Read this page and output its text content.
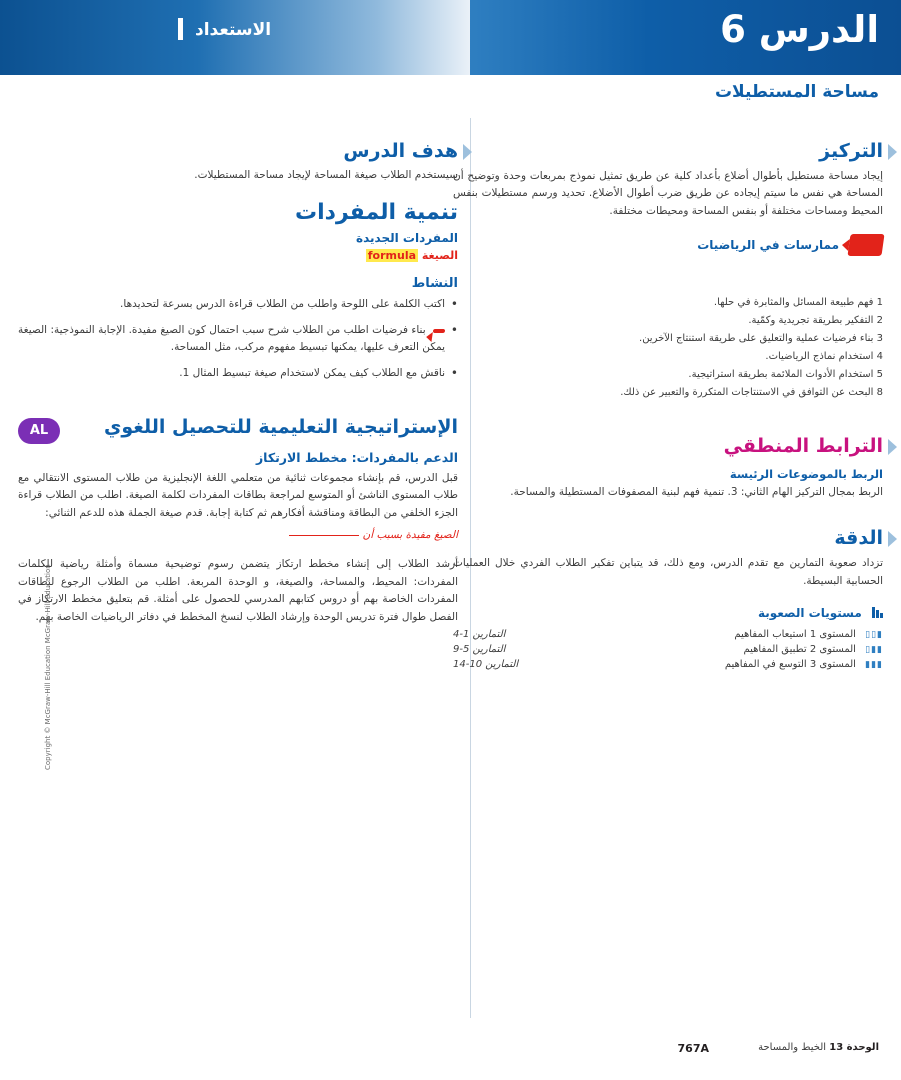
الاستعداد	الدرس 6
مساحة المستطيلات
التركيز

إيجاد مساحة مستطيل بأطوال أضلاع بأعداد كلية عن طريق تمثيل نموذج بمربعات وحدة وتوضيح أن المساحة هي نفس ما سيتم إيجاده عن طريق ضرب أطوال الأضلاع. تحديد ورسم مستطيلات بنفس المحيط ومساحات مختلفة أو بنفس المساحة ومحيطات مختلفة.

ممارسات في الرياضيات
1 فهم طبيعة المسائل والمثابرة في حلها.
2 التفكير بطريقة تجريدية وكمّية.
3 بناء فرضيات عملية والتعليق على طريقة استنتاج الآخرين.
4 استخدام نماذج الرياضيات.
5 استخدام الأدوات الملائمة بطريقة استراتيجية.
8 البحث عن التوافق في الاستنتاجات المتكررة والتعبير عن ذلك.
الترابط المنطقي
الربط بالموضوعات الرئيسة

الربط بمجال التركيز الهام الثاني: 3. تنمية فهم لبنية المصفوفات المستطيلة والمساحة.

الدقة

تزداد صعوبة التمارين مع تقدم الدرس، ومع ذلك، قد يتباين تفكير الطلاب الفردي خلال العمليات الحسابية البسيطة.

مستويات الصعوبة
▮▯▯ المستوى 1 استيعاب المفاهيم	التمارين 1-4
▮▮▯ المستوى 2 تطبيق المفاهيم	التمارين 5-9
▮▮▮ المستوى 3 التوسع في المفاهيم	التمارين 10-14
هدف الدرس

سيستخدم الطلاب صيغة المساحة لإيجاد مساحة المستطيلات.

تنمية المفردات
المفردات الجديدة
الصيغة formula
النشاط
• اكتب الكلمة على اللوحة واطلب من الطلاب قراءة الدرس بسرعة لتحديدها.
• بناء فرضيات اطلب من الطلاب شرح سبب احتمال كون الصيغ مفيدة. الإجابة النموذجية: الصيغة يمكن التعرف عليها، يمكنها تبسيط مفهوم مركب، مثل المساحة.
• ناقش مع الطلاب كيف يمكن لاستخدام صيغة تبسيط المثال 1.
AL	الإستراتيجية التعليمية للتحصيل اللغوي
الدعم بالمفردات: مخطط الارتكاز

قبل الدرس، قم بإنشاء مجموعات ثنائية من متعلمي اللغة الإنجليزية من طلاب المستوى الانتقالي مع طلاب المستوى الناشئ أو المتوسع لمراجعة بطاقات المفردات لكلمة الصيغة. اطلب من الطلاب قراءة الجزء الخلفي من البطاقة ومناقشة أفكارهم ثم كتابة إجابة. قدم صيغة الجملة هذه للدعم الثنائي:

الصيغ مفيدة بسبب أن

أرشد الطلاب إلى إنشاء مخطط ارتكاز يتضمن رسوم توضيحية مسماة وأمثلة رياضية للكلمات المفردات: المحيط، والمساحة، والصيغة، و الوحدة المربعة. اطلب من الطلاب الرجوع لبطاقات المفردات الخاصة بهم أو دروس كتابهم المدرسي للحصول على أمثلة. قم بتعليق مخطط الارتكاز في الفصل طوال فترة تدريس الوحدة وإرشاد الطلاب لنسخ المخطط في دفاتر الرياضيات الخاصة بهم.

Copyright © McGraw-Hill Education McGraw-Hill Education
الوحدة 13 الخيط والمساحة
767A
